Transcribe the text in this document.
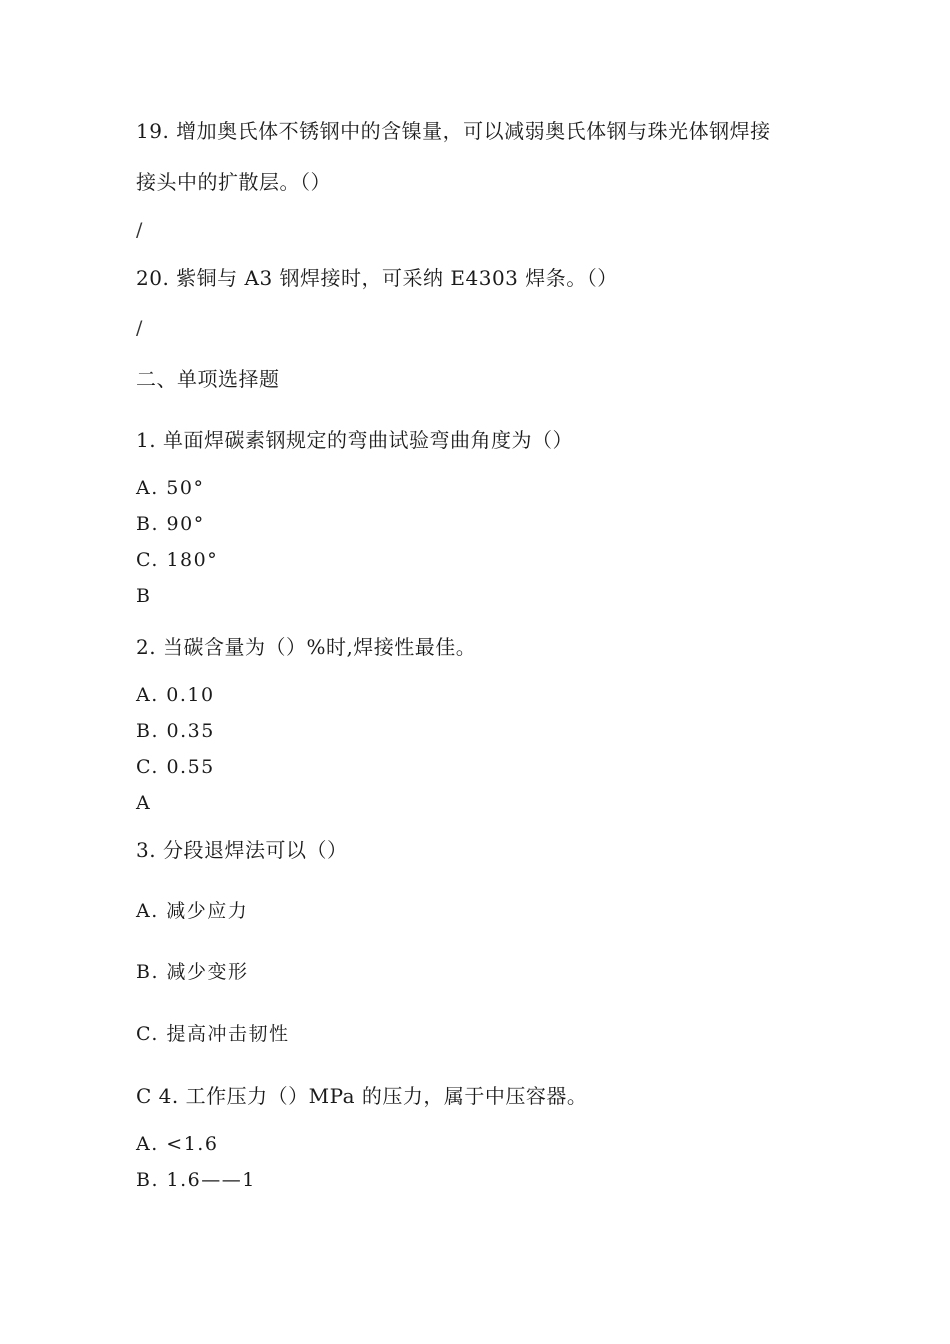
19. 增加奥氏体不锈钢中的含镍量，可以减弱奥氏体钢与珠光体钢焊接
接头中的扩散层。（）
/
20. 紫铜与 A3 钢焊接时，可采纳 E4303 焊条。（）
/
二、单项选择题
1. 单面焊碳素钢规定的弯曲试验弯曲角度为（）
A. 50°
B. 90°
C. 180°
B
2. 当碳含量为（）%时,焊接性最佳。
A. 0.10
B. 0.35
C. 0.55
A
3. 分段退焊法可以（）
A. 减少应力
B. 减少变形
C. 提高冲击韧性
C 4. 工作压力（）MPa 的压力，属于中压容器。
A. <1.6
B. 1.6——1
